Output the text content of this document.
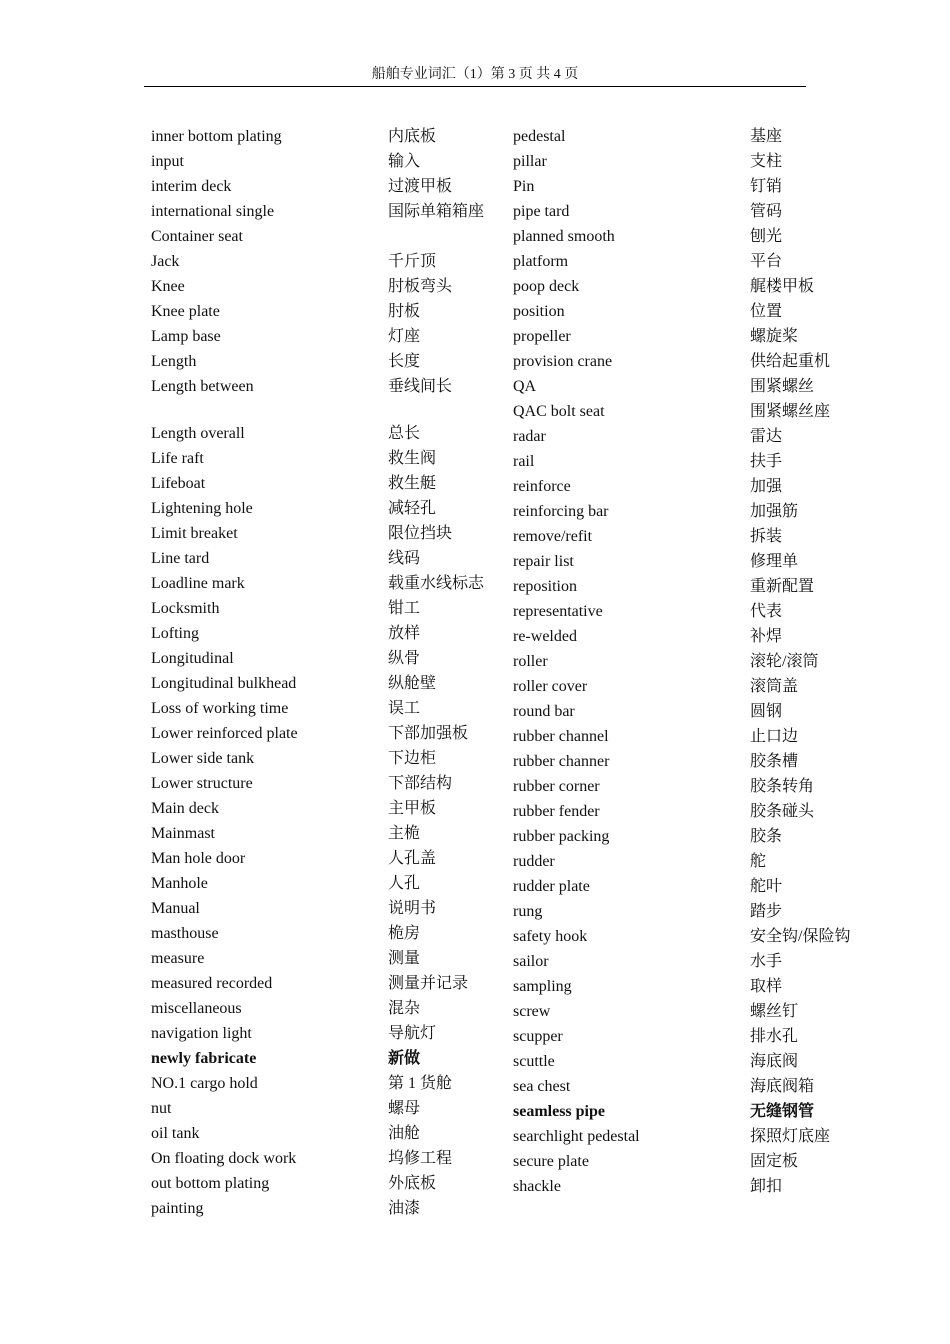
船舶专业词汇（1）第 3 页 共 4 页
inner bottom plating	内底板
input	输入
interim deck	过渡甲板
international single	国际单箱箱座
Container seat
Jack	千斤顶
Knee	肘板弯头
Knee plate	肘板
Lamp base	灯座
Length	长度
Length between	垂线间长
Length overall	总长
Life raft	救生阀
Lifeboat	救生艇
Lightening hole	减轻孔
Limit breaket	限位挡块
Line tard	线码
Loadline mark	载重水线标志
Locksmith	钳工
Lofting	放样
Longitudinal	纵骨
Longitudinal bulkhead	纵舱壁
Loss of working time	误工
Lower reinforced plate	下部加强板
Lower side tank	下边柜
Lower structure	下部结构
Main deck	主甲板
Mainmast	主桅
Man hole door	人孔盖
Manhole	人孔
Manual	说明书
masthouse	桅房
measure	测量
measured recorded	测量并记录
miscellaneous	混杂
navigation light	导航灯
newly fabricate	新做
NO.1 cargo hold	第 1 货舱
nut	螺母
oil tank	油舱
On floating dock work	坞修工程
out bottom plating	外底板
painting	油漆
pedestal	基座
pillar	支柱
Pin	钉销
pipe tard	管码
planned smooth	刨光
platform	平台
poop deck	艉楼甲板
position	位置
propeller	螺旋桨
provision crane	供给起重机
QA	围紧螺丝
QAC bolt seat	围紧螺丝座
radar	雷达
rail	扶手
reinforce	加强
reinforcing bar	加强筋
remove/refit	拆装
repair list	修理单
reposition	重新配置
representative	代表
re-welded	补焊
roller	滚轮/滚筒
roller cover	滚筒盖
round bar	圆钢
rubber channel	止口边
rubber channer	胶条槽
rubber corner	胶条转角
rubber fender	胶条碰头
rubber packing	胶条
rudder	舵
rudder plate	舵叶
rung	踏步
safety hook	安全钩/保险钩
sailor	水手
sampling	取样
screw	螺丝钉
scupper	排水孔
scuttle	海底阀
sea chest	海底阀箱
seamless pipe	无缝钢管
searchlight pedestal	探照灯底座
secure plate	固定板
shackle	卸扣
